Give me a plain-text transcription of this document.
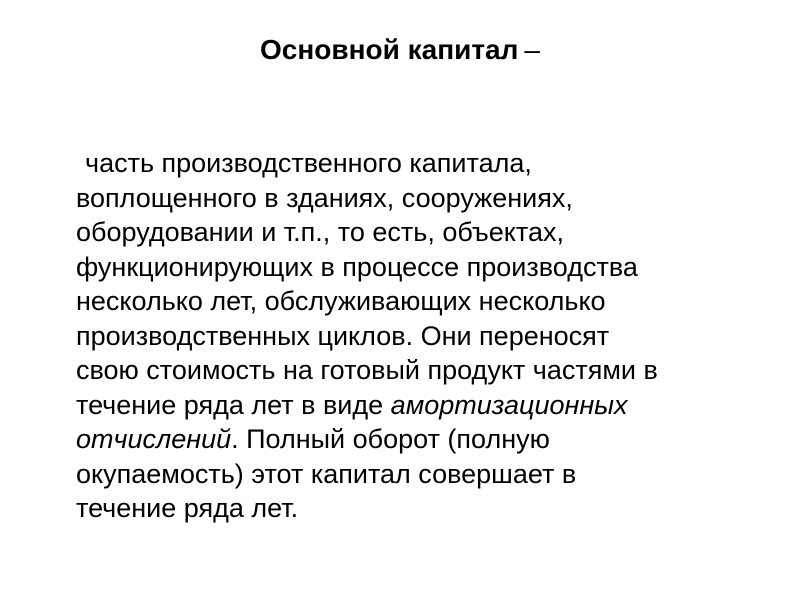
Основной капитал –
часть производственного капитала,
воплощенного в зданиях, сооружениях,
оборудовании и т.п., то есть, объектах,
функционирующих в процессе производства
несколько лет, обслуживающих несколько
производственных циклов. Они переносят
свою стоимость на готовый продукт частями в
течение ряда лет в виде амортизационных
отчислений. Полный оборот (полную
окупаемость) этот капитал совершает в
течение ряда лет.
